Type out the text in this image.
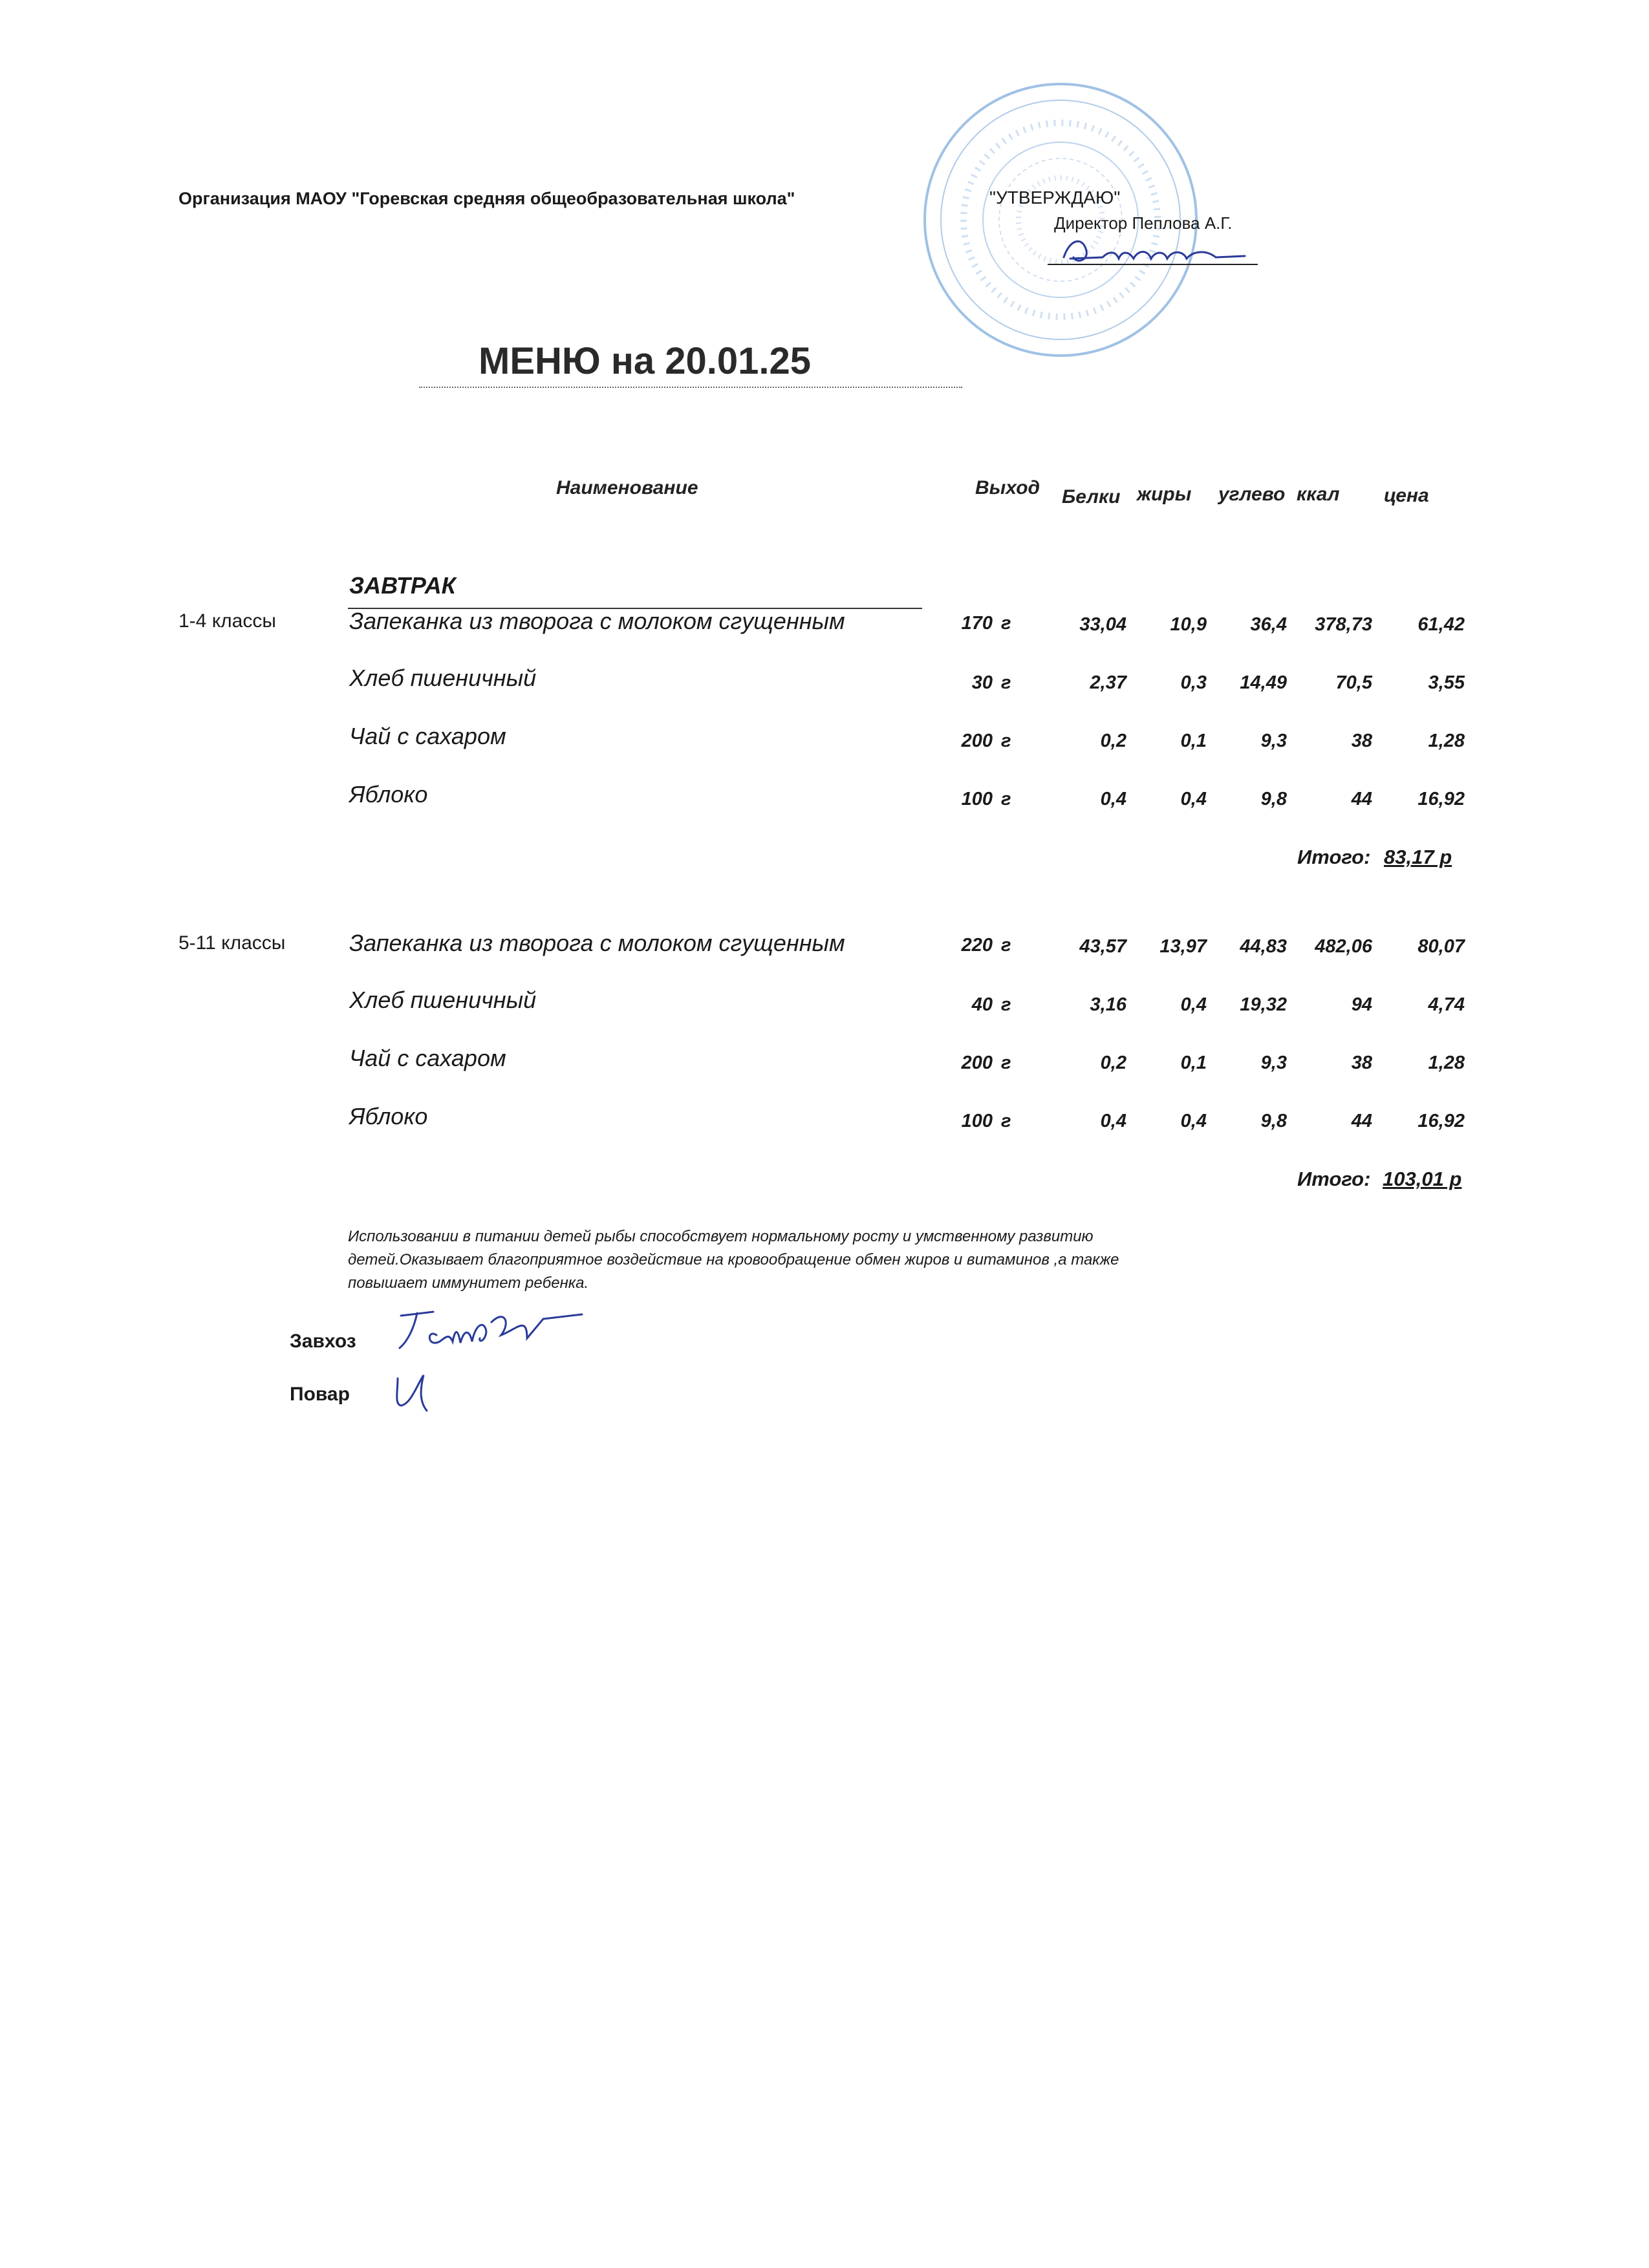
Организация МАОУ "Горевская средняя общеобразовательная школа"	"УТВЕРЖДАЮ"
Директор Пеплова А.Г.
МЕНЮ на 20.01.25
Наименование	Выход Белки жиры углево ккал цена
ЗАВТРАК
1-4 классы	Запеканка из творога с молоком сгущенным	170 г	33,04	10,9	36,4	378,73	61,42
Хлеб пшеничный	30 г	2,37	0,3	14,49	70,5	3,55
Чай с сахаром	200 г	0,2	0,1	9,3	38	1,28
Яблоко	100 г	0,4	0,4	9,8	44	16,92
Итого: 83,17 р
5-11 классы	Запеканка из творога с молоком сгущенным	220 г	43,57	13,97	44,83	482,06	80,07
Хлеб пшеничный	40 г	3,16	0,4	19,32	94	4,74
Чай с сахаром	200 г	0,2	0,1	9,3	38	1,28
Яблоко	100 г	0,4	0,4	9,8	44	16,92
Итого: 103,01 р
Использовании в питании детей рыбы способствует нормальному росту и умственному развитию детей.Оказывает благоприятное воздействие на кровообращение обмен жиров и витаминов ,а также повышает иммунитет ребенка.
Завхоз
Повар
